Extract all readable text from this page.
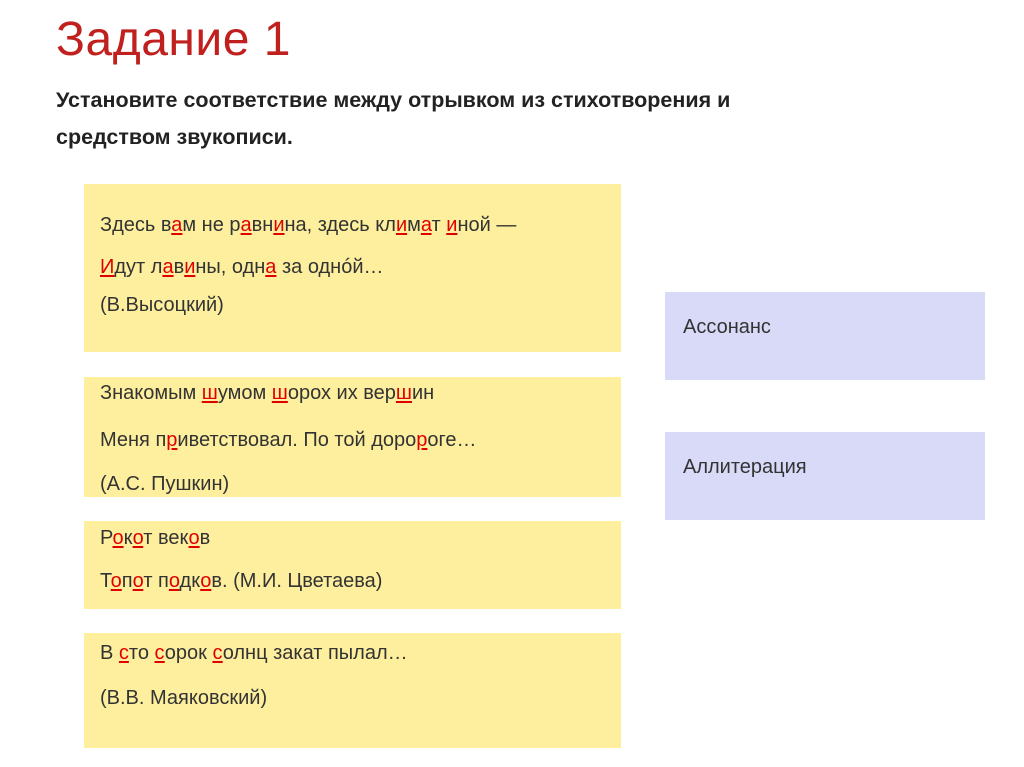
Задание 1
Установите соответствие между отрывком из стихотворения и
средством звукописи.
Здесь вам не равнина, здесь климат иной —
Идут лавины, одна за однóй…
(В.Высоцкий)
Знакомым шумом шорох их вершин
Меня приветствовал. По той доророге…
(А.С. Пушкин)
Рокот веков
Топот подков. (М.И. Цветаева)
В сто сорок солнц закат пылал…
(В.В. Маяковский)
Ассонанс
Аллитерация
